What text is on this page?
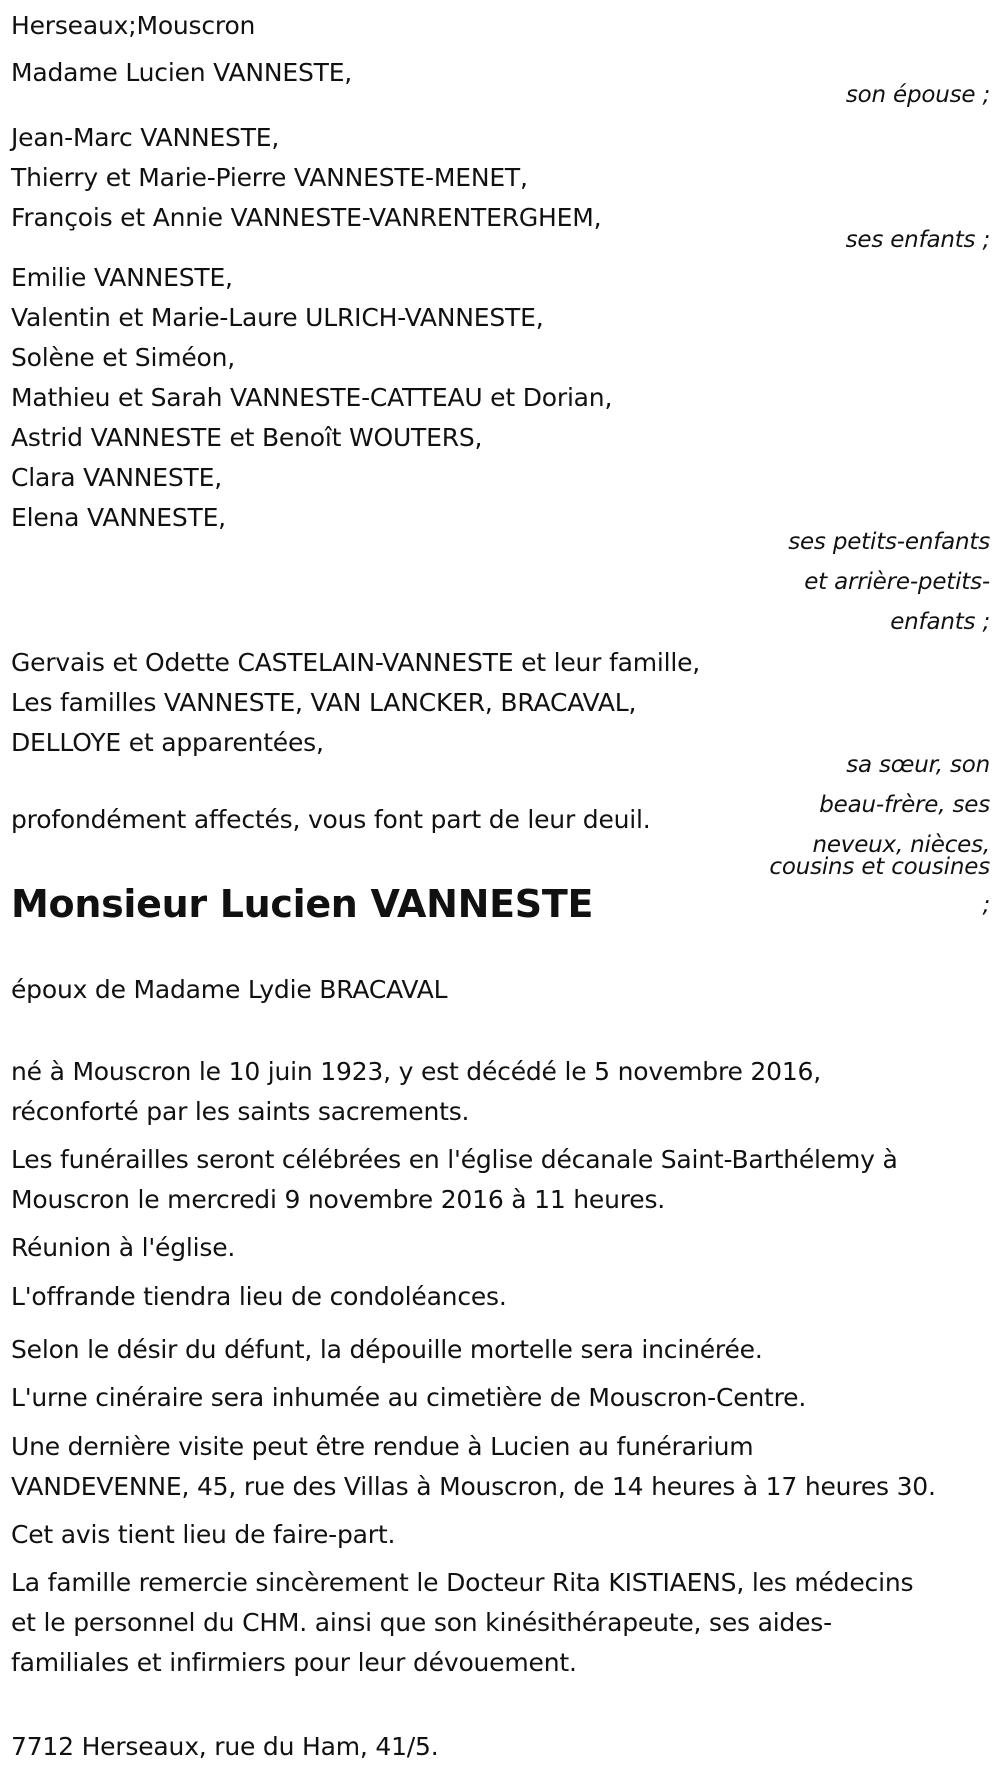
Herseaux;Mouscron
Madame Lucien VANNESTE,
son épouse ;
Jean-Marc VANNESTE,
Thierry et Marie-Pierre VANNESTE-MENET,
François et Annie VANNESTE-VANRENTERGHEM,
ses enfants ;
Emilie VANNESTE,
Valentin et Marie-Laure ULRICH-VANNESTE,
Solène et Siméon,
Mathieu et Sarah VANNESTE-CATTEAU et Dorian,
Astrid VANNESTE et Benoît WOUTERS,
Clara VANNESTE,
Elena VANNESTE,
ses petits-enfants
et arrière-petits-
enfants ;
Gervais et Odette CASTELAIN-VANNESTE et leur famille,
Les familles VANNESTE, VAN LANCKER, BRACAVAL,
DELLOYE et apparentées,
sa sœur, son
beau-frère, ses
neveux, nièces,
cousins et cousines
;
profondément affectés, vous font part de leur deuil.
Monsieur Lucien VANNESTE
époux de Madame Lydie BRACAVAL
né à Mouscron le 10 juin 1923, y est décédé le 5 novembre 2016,
réconforté par les saints sacrements.
Les funérailles seront célébrées en l'église décanale Saint-Barthélemy à
Mouscron le mercredi 9 novembre 2016 à 11 heures.
Réunion à l'église.
L'offrande tiendra lieu de condoléances.
Selon le désir du défunt, la dépouille mortelle sera incinérée.
L'urne cinéraire sera inhumée au cimetière de Mouscron-Centre.
Une dernière visite peut être rendue à Lucien au funérarium
VANDEVENNE, 45, rue des Villas à Mouscron, de 14 heures à 17 heures 30.
Cet avis tient lieu de faire-part.
La famille remercie sincèrement le Docteur Rita KISTIAENS, les médecins
et le personnel du CHM. ainsi que son kinésithérapeute, ses aides-
familiales et infirmiers pour leur dévouement.
7712 Herseaux, rue du Ham, 41/5.
